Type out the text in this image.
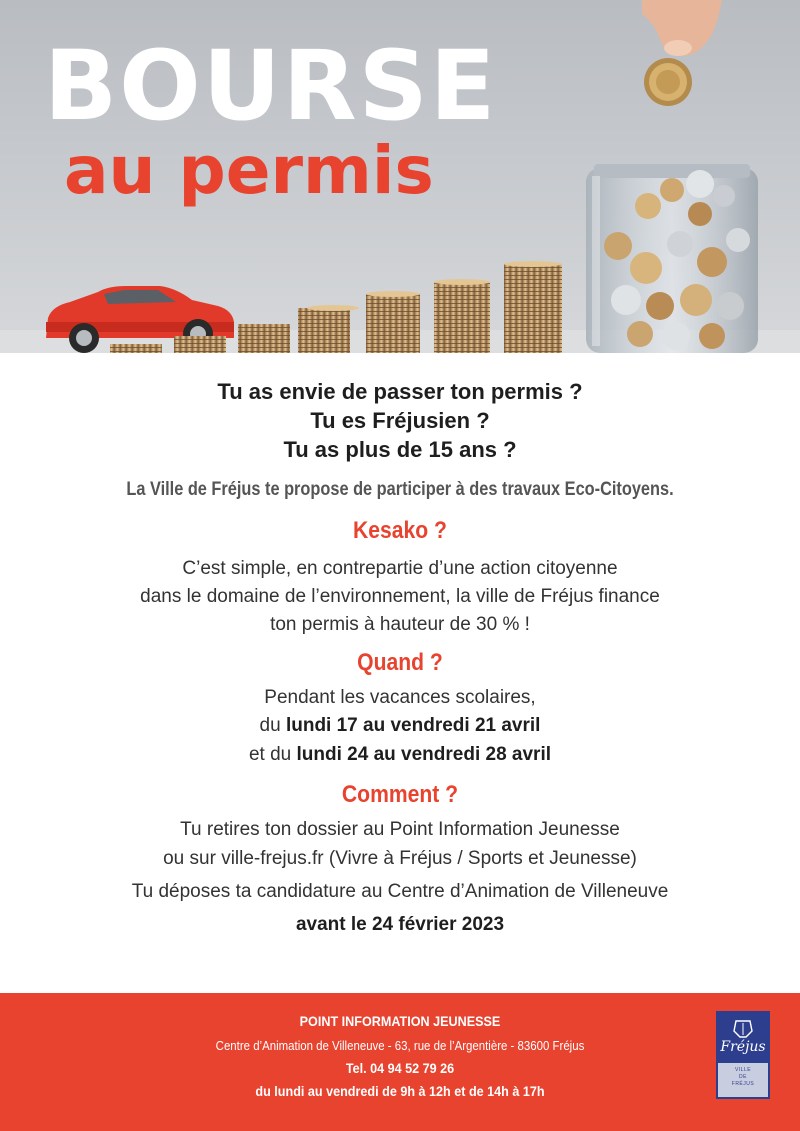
BOURSE
au permis

Tu as envie de passer ton permis ?

Tu es Fréjusien ?

Tu as plus de 15 ans ?

La Ville de Fréjus te propose de participer à des travaux Eco-Citoyens.

Kesako ?

C’est simple, en contrepartie d’une action citoyenne

dans le domaine de l’environnement, la ville de Fréjus finance

ton permis à hauteur de 30 % !

Quand ?

Pendant les vacances scolaires,

du lundi 17 au vendredi 21 avril

et du lundi 24 au vendredi 28 avril

Comment ?

Tu retires ton dossier au Point Information Jeunesse

ou sur ville-frejus.fr (Vivre à Fréjus / Sports et Jeunesse)

Tu déposes ta candidature au Centre d’Animation de Villeneuve

avant le 24 février 2023

POINT INFORMATION JEUNESSE

Centre d’Animation de Villeneuve - 63, rue de l’Argentière - 83600 Fréjus

Tel. 04 94 52 79 26

du lundi au vendredi de 9h à 12h et de 14h à 17h

Fréjus
VILLE
DE
FRÉJUS
